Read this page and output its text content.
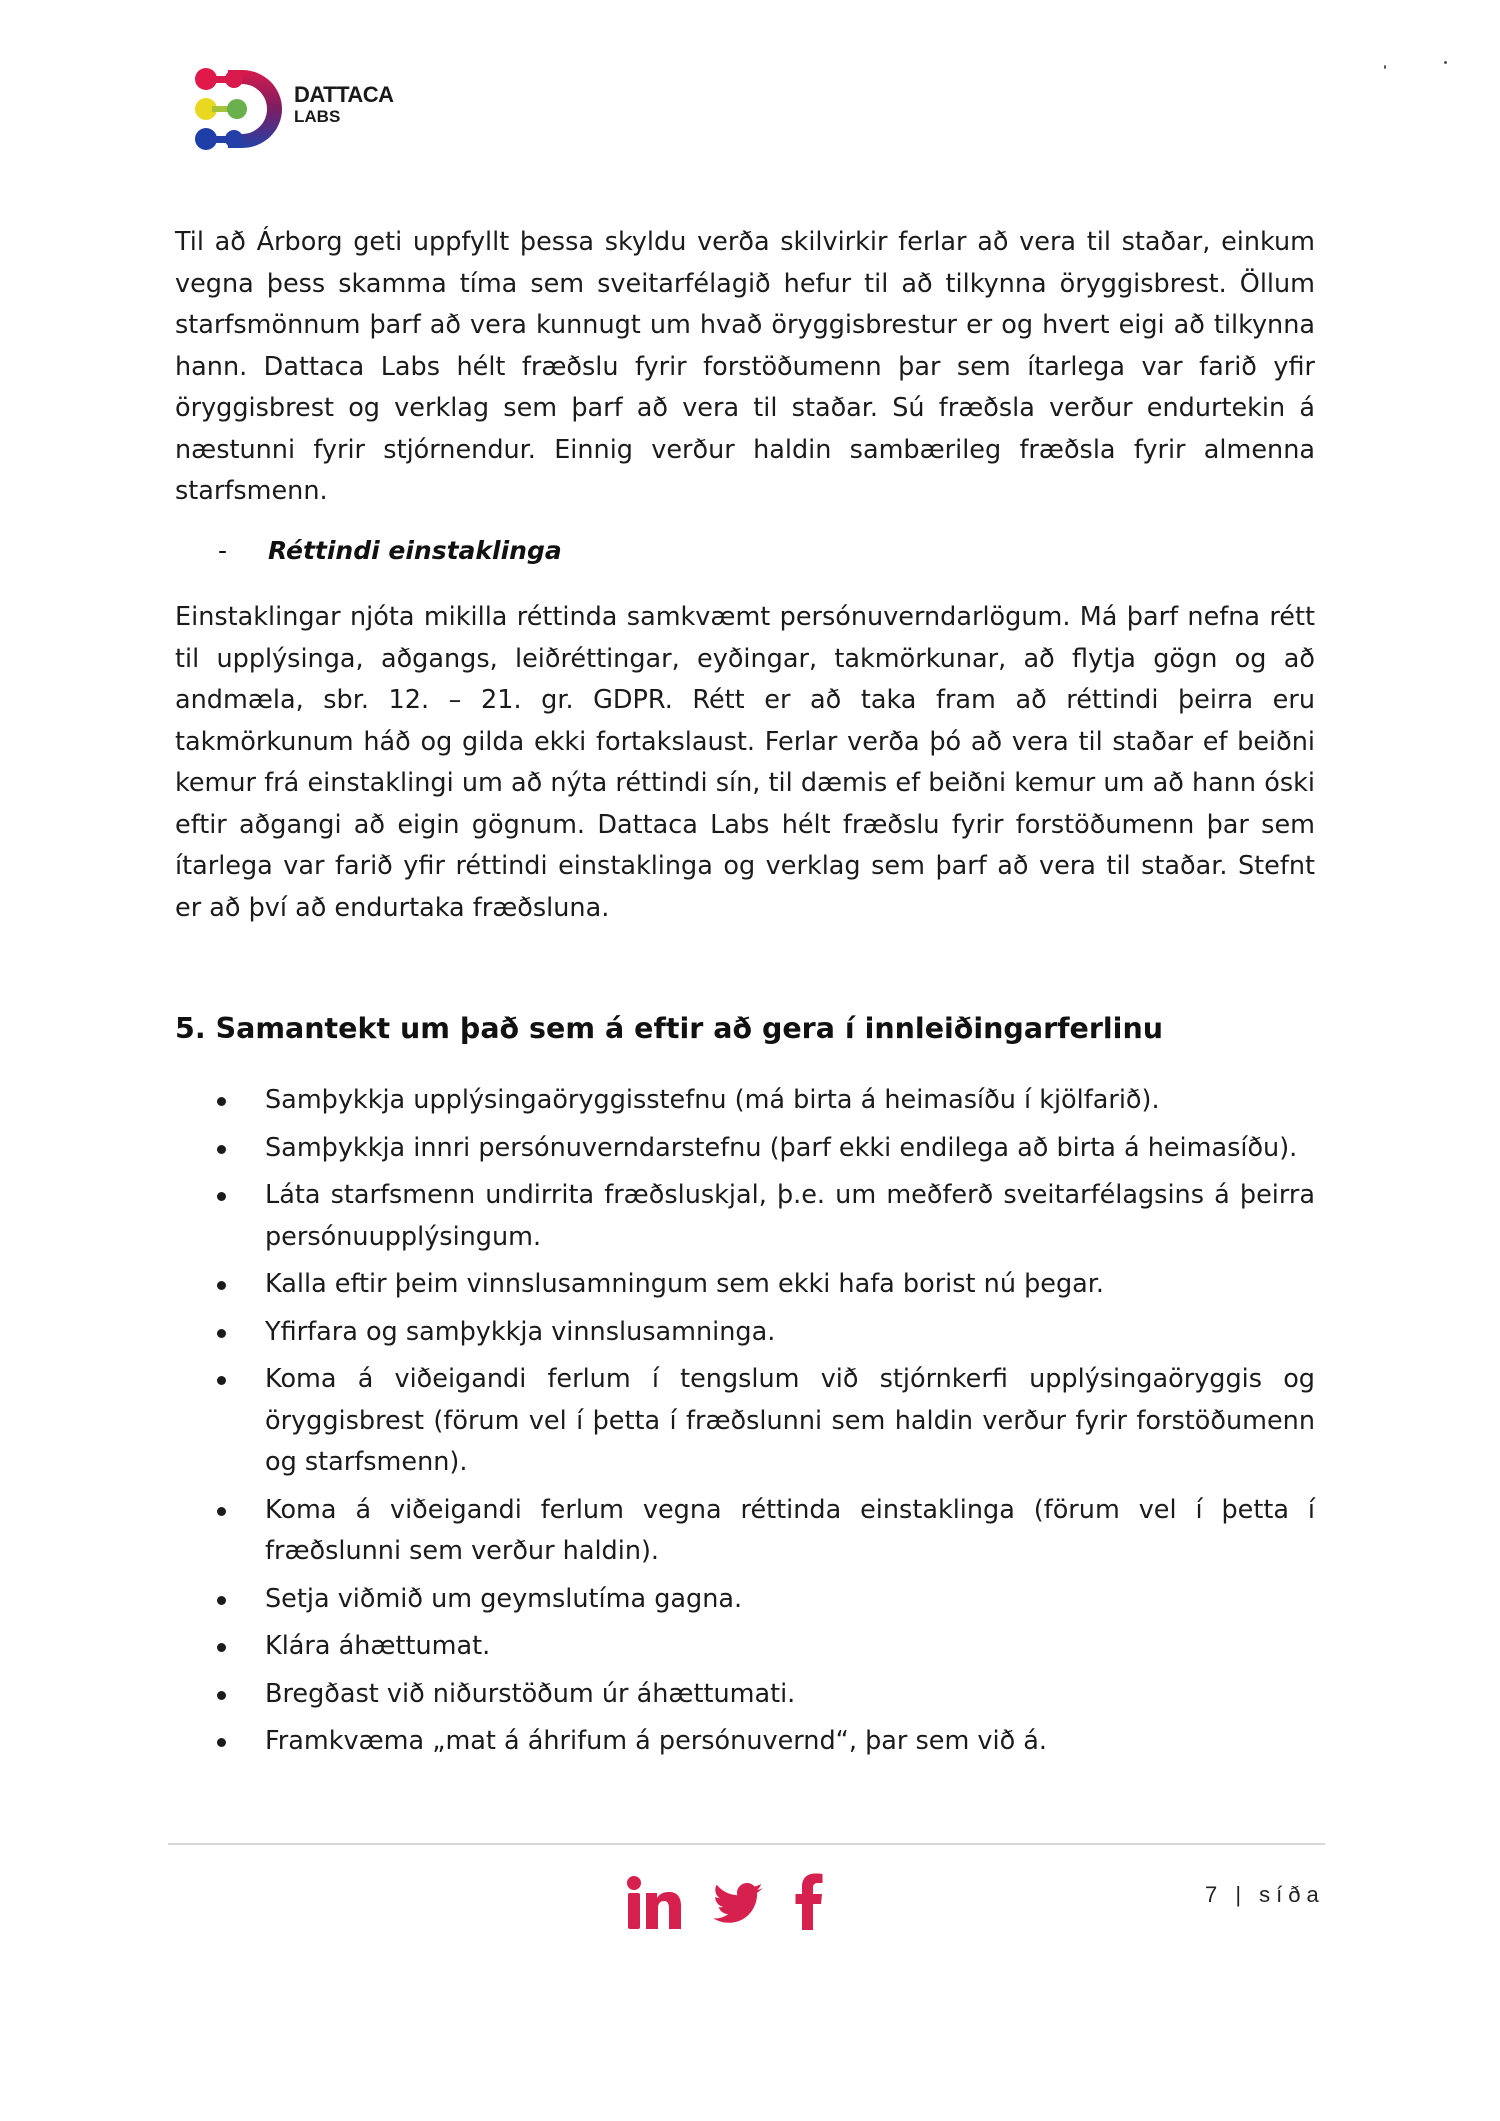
DATTACA
LABS

Til að Árborg geti uppfyllt þessa skyldu verða skilvirkir ferlar að vera til staðar, einkum vegna þess skamma tíma sem sveitarfélagið hefur til að tilkynna öryggisbrest. Öllum starfsmönnum þarf að vera kunnugt um hvað öryggisbrestur er og hvert eigi að tilkynna hann. Dattaca Labs hélt fræðslu fyrir forstöðumenn þar sem ítarlega var farið yfir öryggisbrest og verklag sem þarf að vera til staðar. Sú fræðsla verður endurtekin á næstunni fyrir stjórnendur. Einnig verður haldin sambærileg fræðsla fyrir almenna starfsmenn.

- Réttindi einstaklinga

Einstaklingar njóta mikilla réttinda samkvæmt persónuverndarlögum. Má þarf nefna rétt til upplýsinga, aðgangs, leiðréttingar, eyðingar, takmörkunar, að flytja gögn og að andmæla, sbr. 12. – 21. gr. GDPR. Rétt er að taka fram að réttindi þeirra eru takmörkunum háð og gilda ekki fortakslaust. Ferlar verða þó að vera til staðar ef beiðni kemur frá einstaklingi um að nýta réttindi sín, til dæmis ef beiðni kemur um að hann óski eftir aðgangi að eigin gögnum. Dattaca Labs hélt fræðslu fyrir forstöðumenn þar sem ítarlega var farið yfir réttindi einstaklinga og verklag sem þarf að vera til staðar. Stefnt er að því að endurtaka fræðsluna.

5. Samantekt um það sem á eftir að gera í innleiðingarferlinu
Samþykkja upplýsingaöryggisstefnu (má birta á heimasíðu í kjölfarið).
Samþykkja innri persónuverndarstefnu (þarf ekki endilega að birta á heimasíðu).
Láta starfsmenn undirrita fræðsluskjal, þ.e. um meðferð sveitarfélagsins á þeirra persónuupplýsingum.
Kalla eftir þeim vinnslusamningum sem ekki hafa borist nú þegar.
Yfirfara og samþykkja vinnslusamninga.
Koma á viðeigandi ferlum í tengslum við stjórnkerfi upplýsingaöryggis og öryggisbrest (förum vel í þetta í fræðslunni sem haldin verður fyrir forstöðumenn og starfsmenn).
Koma á viðeigandi ferlum vegna réttinda einstaklinga (förum vel í þetta í fræðslunni sem verður haldin).
Setja viðmið um geymslutíma gagna.
Klára áhættumat.
Bregðast við niðurstöðum úr áhættumati.
Framkvæma „mat á áhrifum á persónuvernd“, þar sem við á.
7 | síða
